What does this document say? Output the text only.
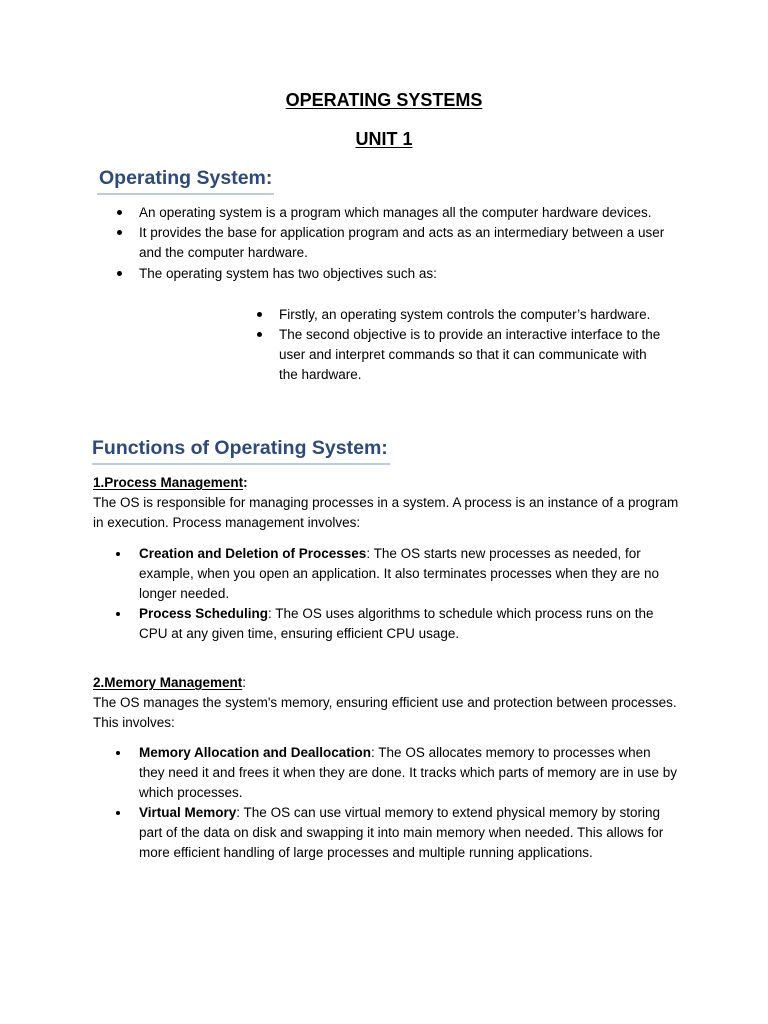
OPERATING SYSTEMS
UNIT 1
Operating System:
An operating system is a program which manages all the computer hardware devices.
It provides the base for application program and acts as an intermediary between a user and the computer hardware.
The operating system has two objectives such as:
Firstly, an operating system controls the computer’s hardware.
The second objective is to provide an interactive interface to the user and interpret commands so that it can communicate with the hardware.
Functions of Operating System:
1.Process Management:
The OS is responsible for managing processes in a system. A process is an instance of a program in execution. Process management involves:
Creation and Deletion of Processes: The OS starts new processes as needed, for example, when you open an application. It also terminates processes when they are no longer needed.
Process Scheduling: The OS uses algorithms to schedule which process runs on the CPU at any given time, ensuring efficient CPU usage.
2.Memory Management:
The OS manages the system's memory, ensuring efficient use and protection between processes. This involves:
Memory Allocation and Deallocation: The OS allocates memory to processes when they need it and frees it when they are done. It tracks which parts of memory are in use by which processes.
Virtual Memory: The OS can use virtual memory to extend physical memory by storing part of the data on disk and swapping it into main memory when needed. This allows for more efficient handling of large processes and multiple running applications.
